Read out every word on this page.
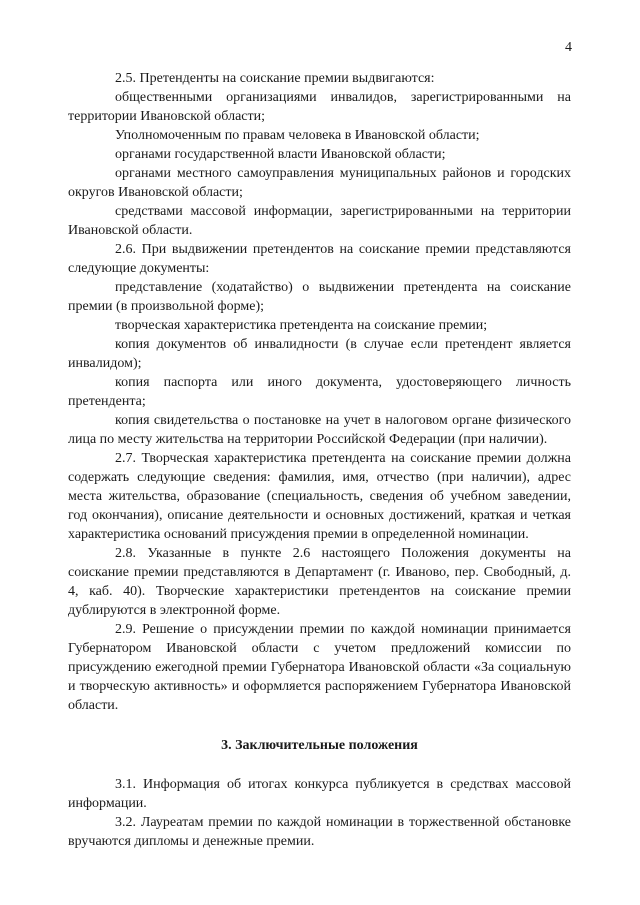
4

2.5. Претенденты на соискание премии выдвигаются:

общественными организациями инвалидов, зарегистрированными на территории Ивановской области;

Уполномоченным по правам человека в Ивановской области;

органами государственной власти Ивановской области;

органами местного самоуправления муниципальных районов и городских округов Ивановской области;

средствами массовой информации, зарегистрированными на территории Ивановской области.

2.6. При выдвижении претендентов на соискание премии представляются следующие документы:

представление (ходатайство) о выдвижении претендента на соискание премии (в произвольной форме);

творческая характеристика претендента на соискание премии;

копия документов об инвалидности (в случае если претендент является инвалидом);

копия паспорта или иного документа, удостоверяющего личность претендента;

копия свидетельства о постановке на учет в налоговом органе физического лица по месту жительства на территории Российской Федерации (при наличии).

2.7. Творческая характеристика претендента на соискание премии должна содержать следующие сведения: фамилия, имя, отчество (при наличии), адрес места жительства, образование (специальность, сведения об учебном заведении, год окончания), описание деятельности и основных достижений, краткая и четкая характеристика оснований присуждения премии в определенной номинации.

2.8. Указанные в пункте 2.6 настоящего Положения документы на соискание премии представляются в Департамент (г. Иваново, пер. Свободный, д. 4, каб. 40). Творческие характеристики претендентов на соискание премии дублируются в электронной форме.

2.9. Решение о присуждении премии по каждой номинации принимается Губернатором Ивановской области с учетом предложений комиссии по присуждению ежегодной премии Губернатора Ивановской области «За социальную и творческую активность» и оформляется распоряжением Губернатора Ивановской области.

3. Заключительные положения

3.1. Информация об итогах конкурса публикуется в средствах массовой информации.

3.2. Лауреатам премии по каждой номинации в торжественной обстановке вручаются дипломы и денежные премии.
